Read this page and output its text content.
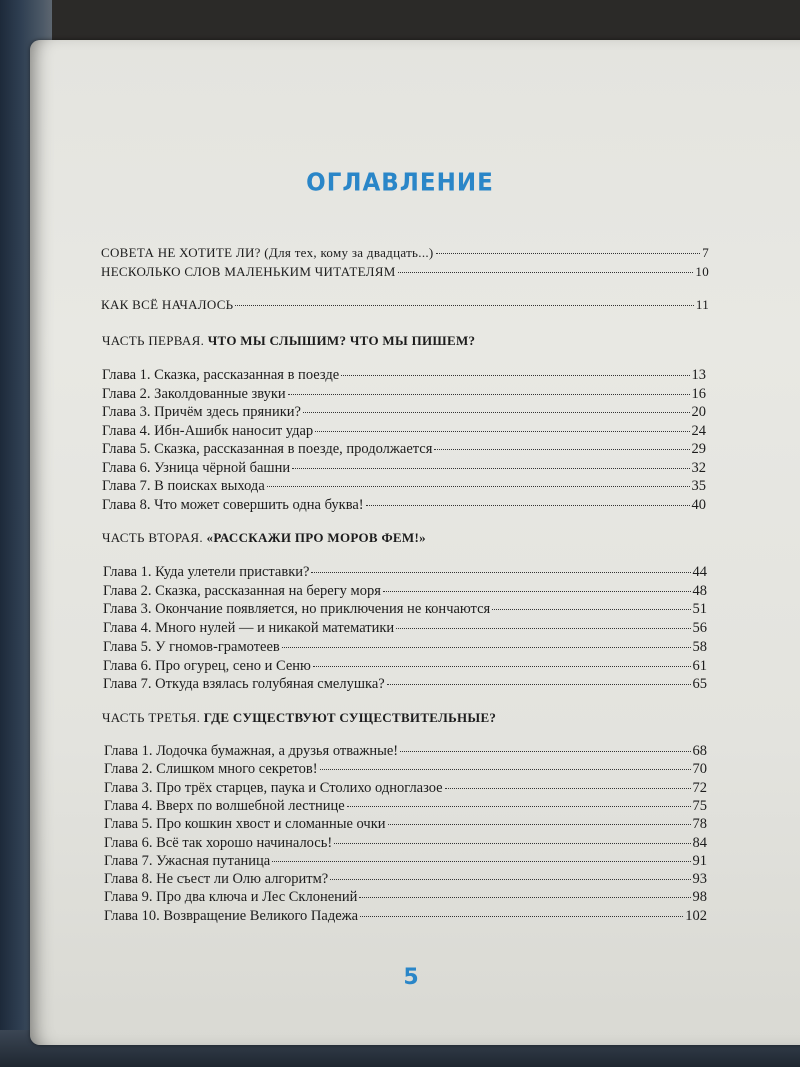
ОГЛАВЛЕНИЕ
СОВЕТА НЕ ХОТИТЕ ЛИ? (Для тех, кому за двадцать...)	7
НЕСКОЛЬКО СЛОВ МАЛЕНЬКИМ ЧИТАТЕЛЯМ	10
КАК ВСЁ НАЧАЛОСЬ	11
ЧАСТЬ ПЕРВАЯ. ЧТО МЫ СЛЫШИМ? ЧТО МЫ ПИШЕМ?
Глава 1. Сказка, рассказанная в поезде	13
Глава 2. Заколдованные звуки	16
Глава 3. Причём здесь пряники?	20
Глава 4. Ибн-Ашибк наносит удар	24
Глава 5. Сказка, рассказанная в поезде, продолжается	29
Глава 6. Узница чёрной башни	32
Глава 7. В поисках выхода	35
Глава 8. Что может совершить одна буква!	40
ЧАСТЬ ВТОРАЯ. «РАССКАЖИ ПРО МОРОВ ФЕМ!»
Глава 1. Куда улетели приставки?	44
Глава 2. Сказка, рассказанная на берегу моря	48
Глава 3. Окончание появляется, но приключения не кончаются	51
Глава 4. Много нулей — и никакой математики	56
Глава 5. У гномов-грамотеев	58
Глава 6. Про огурец, сено и Сеню	61
Глава 7. Откуда взялась голубяная смелушка?	65
ЧАСТЬ ТРЕТЬЯ. ГДЕ СУЩЕСТВУЮТ СУЩЕСТВИТЕЛЬНЫЕ?
Глава 1. Лодочка бумажная, а друзья отважные!	68
Глава 2. Слишком много секретов!	70
Глава 3. Про трёх старцев, паука и Столихо одноглазое	72
Глава 4. Вверх по волшебной лестнице	75
Глава 5. Про кошкин хвост и сломанные очки	78
Глава 6. Всё так хорошо начиналось!	84
Глава 7. Ужасная путаница	91
Глава 8. Не съест ли Олю алгоритм?	93
Глава 9. Про два ключа и Лес Склонений	98
Глава 10. Возвращение Великого Падежа	102
5
